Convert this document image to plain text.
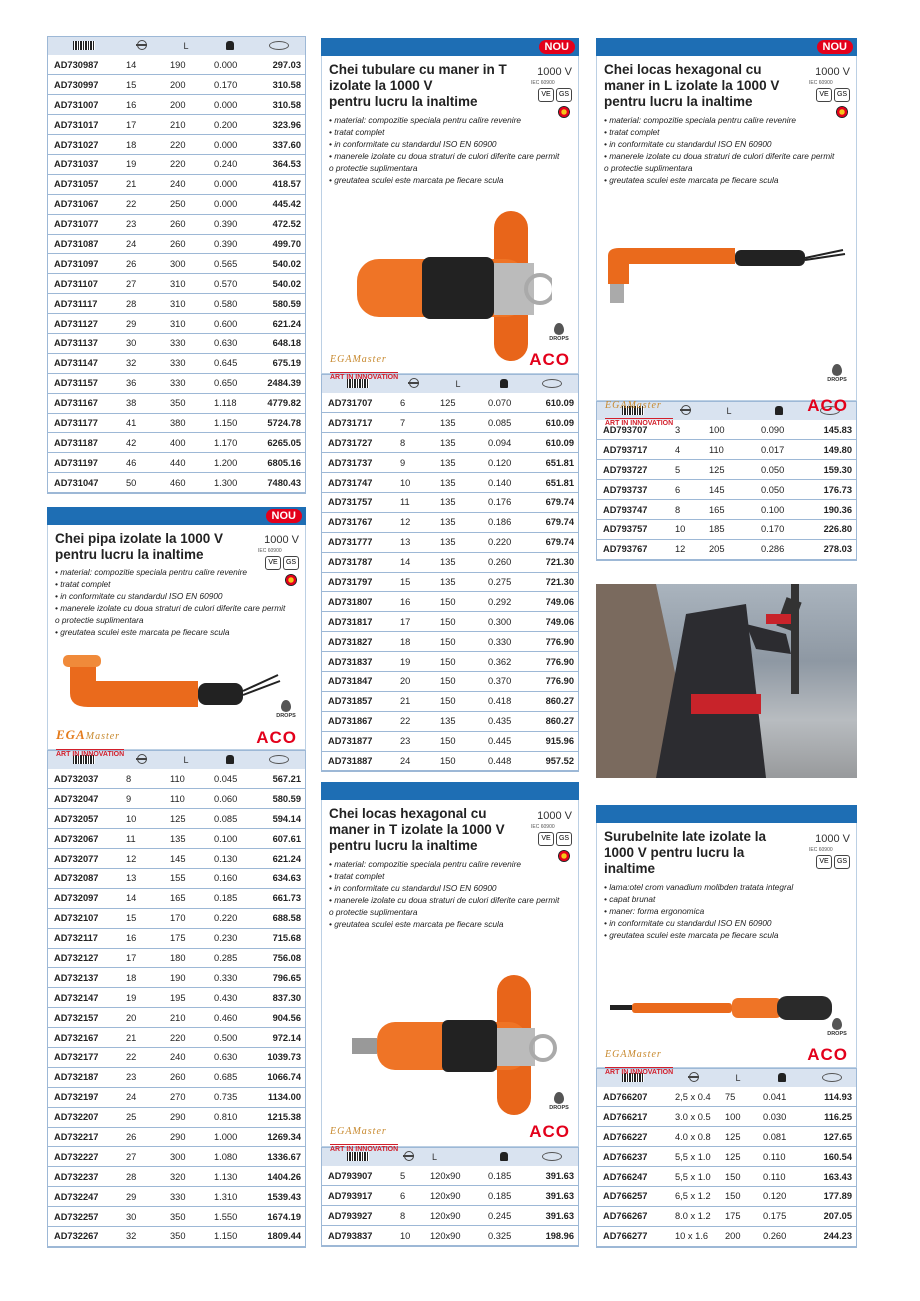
		L		
AD730987	14	190	0.000	297.03
AD730997	15	200	0.170	310.58
AD731007	16	200	0.000	310.58
AD731017	17	210	0.200	323.96
AD731027	18	220	0.000	337.60
AD731037	19	220	0.240	364.53
AD731057	21	240	0.000	418.57
AD731067	22	250	0.000	445.42
AD731077	23	260	0.390	472.52
AD731087	24	260	0.390	499.70
AD731097	26	300	0.565	540.02
AD731107	27	310	0.570	540.02
AD731117	28	310	0.580	580.59
AD731127	29	310	0.600	621.24
AD731137	30	330	0.630	648.18
AD731147	32	330	0.645	675.19
AD731157	36	330	0.650	2484.39
AD731167	38	350	1.118	4779.82
AD731177	41	380	1.150	5724.78
AD731187	42	400	1.170	6265.05
AD731197	46	440	1.200	6805.16
AD731047	50	460	1.300	7480.43
NOU
Chei pipa izolate la 1000 V
pentru lucru la inaltime
1000 V
IEC 60900
VE	GS
• material: compozitie speciala pentru calire revenire
• tratat complet
• in conformitate cu standardul ISO EN 60900
• manerele izolate cu doua straturi de culori diferite care permit
o protectie suplimentara
• greutatea sculei este marcata pe fiecare scula
EGAMaster
ART IN INNOVATION
DROPS
ACO
		L		
AD732037	8	110	0.045	567.21
AD732047	9	110	0.060	580.59
AD732057	10	125	0.085	594.14
AD732067	11	135	0.100	607.61
AD732077	12	145	0.130	621.24
AD732087	13	155	0.160	634.63
AD732097	14	165	0.185	661.73
AD732107	15	170	0.220	688.58
AD732117	16	175	0.230	715.68
AD732127	17	180	0.285	756.08
AD732137	18	190	0.330	796.65
AD732147	19	195	0.430	837.30
AD732157	20	210	0.460	904.56
AD732167	21	220	0.500	972.14
AD732177	22	240	0.630	1039.73
AD732187	23	260	0.685	1066.74
AD732197	24	270	0.735	1134.00
AD732207	25	290	0.810	1215.38
AD732217	26	290	1.000	1269.34
AD732227	27	300	1.080	1336.67
AD732237	28	320	1.130	1404.26
AD732247	29	330	1.310	1539.43
AD732257	30	350	1.550	1674.19
AD732267	32	350	1.150	1809.44
NOU
Chei tubulare cu maner in T
izolate la 1000 V
pentru lucru la inaltime
1000 V
IEC 60900
VE	GS
• material: compozitie speciala pentru calire revenire
• tratat complet
• in conformitate cu standardul ISO EN 60900
• manerele izolate cu doua straturi de culori diferite care permit
o protectie suplimentara
• greutatea sculei este marcata pe fiecare scula
EGAMaster
ART IN INNOVATION
DROPS
ACO
		L		
AD731707	6	125	0.070	610.09
AD731717	7	135	0.085	610.09
AD731727	8	135	0.094	610.09
AD731737	9	135	0.120	651.81
AD731747	10	135	0.140	651.81
AD731757	11	135	0.176	679.74
AD731767	12	135	0.186	679.74
AD731777	13	135	0.220	679.74
AD731787	14	135	0.260	721.30
AD731797	15	135	0.275	721.30
AD731807	16	150	0.292	749.06
AD731817	17	150	0.300	749.06
AD731827	18	150	0.330	776.90
AD731837	19	150	0.362	776.90
AD731847	20	150	0.370	776.90
AD731857	21	150	0.418	860.27
AD731867	22	135	0.435	860.27
AD731877	23	150	0.445	915.96
AD731887	24	150	0.448	957.52
Chei locas hexagonal cu
maner in T izolate la 1000 V
pentru lucru la inaltime
1000 V
IEC 60900
VE	GS
• material: compozitie speciala pentru calire revenire
• tratat complet
• in conformitate cu standardul ISO EN 60900
• manerele izolate cu doua straturi de culori diferite care permit
o protectie suplimentara
• greutatea sculei este marcata pe fiecare scula
EGAMaster
ART IN INNOVATION
DROPS
ACO
		L		
AD793907	5	120x90	0.185	391.63
AD793917	6	120x90	0.185	391.63
AD793927	8	120x90	0.245	391.63
AD793837	10	120x90	0.325	198.96
NOU
Chei locas hexagonal cu
maner in L izolate la 1000 V
pentru lucru la inaltime
1000 V
IEC 60900
VE	GS
• material: compozitie speciala pentru calire revenire
• tratat complet
• in conformitate cu standardul ISO EN 60900
• manerele izolate cu doua straturi de culori diferite care permit
o protectie suplimentara
• greutatea sculei este marcata pe fiecare scula
EGAMaster
ART IN INNOVATION
DROPS
ACO
		L		
AD793707	3	100	0.090	145.83
AD793717	4	110	0.017	149.80
AD793727	5	125	0.050	159.30
AD793737	6	145	0.050	176.73
AD793747	8	165	0.100	190.36
AD793757	10	185	0.170	226.80
AD793767	12	205	0.286	278.03
Surubelnite late izolate la
1000 V pentru lucru la
inaltime
1000 V
IEC 60900
VE	GS
• lama:otel crom vanadium molibden tratata integral
• capat brunat
• maner: forma ergonomica
• in conformitate cu standardul ISO EN 60900
• greutatea sculei este marcata pe fiecare scula
EGAMaster
ART IN INNOVATION
DROPS
ACO
		L		
AD766207	2,5 x 0.4	75	0.041	114.93
AD766217	3.0 x 0.5	100	0.030	116.25
AD766227	4.0 x 0.8	125	0.081	127.65
AD766237	5,5 x 1.0	125	0.110	160.54
AD766247	5,5 x 1.0	150	0.110	163.43
AD766257	6,5 x 1.2	150	0.120	177.89
AD766267	8.0 x 1.2	175	0.175	207.05
AD766277	10 x 1.6	200	0.260	244.23
